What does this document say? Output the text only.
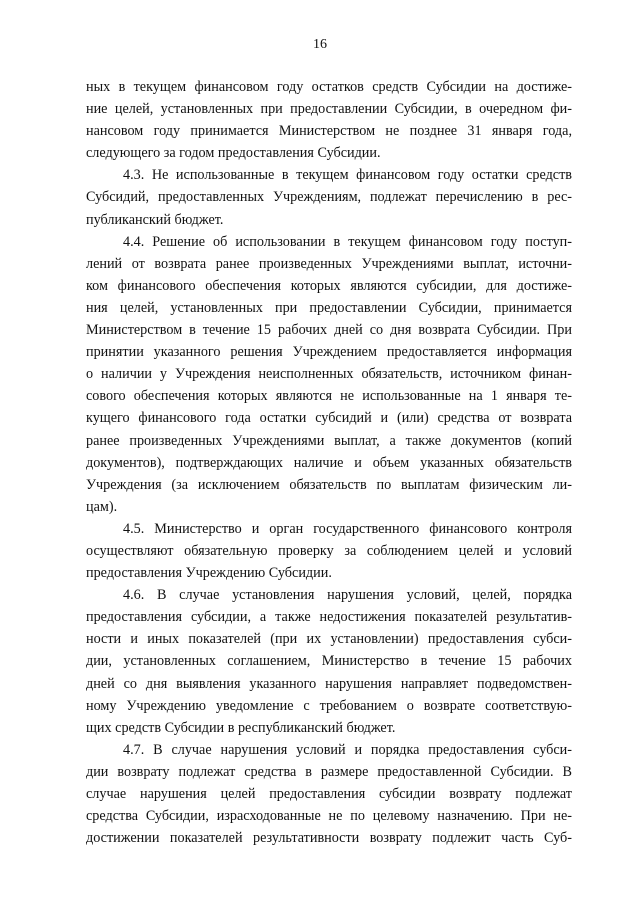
16
ных в текущем финансовом году остатков средств Субсидии на достиже-
ние целей, установленных при предоставлении Субсидии, в очередном фи-
нансовом году принимается Министерством не позднее 31 января года,
следующего за годом предоставления Субсидии.
4.3. Не использованные в текущем финансовом году остатки средств
Субсидий, предоставленных Учреждениям, подлежат перечислению в рес-
публиканский бюджет.
4.4. Решение об использовании в текущем финансовом году поступ-
лений от возврата ранее произведенных Учреждениями выплат, источни-
ком финансового обеспечения которых являются субсидии, для достиже-
ния целей, установленных при предоставлении Субсидии, принимается
Министерством в течение 15 рабочих дней со дня возврата Субсидии. При
принятии указанного решения Учреждением предоставляется информация
о наличии у Учреждения неисполненных обязательств, источником финан-
сового обеспечения которых являются не использованные на 1 января те-
кущего финансового года остатки субсидий и (или) средства от возврата
ранее произведенных Учреждениями выплат, а также документов (копий
документов), подтверждающих наличие и объем указанных обязательств
Учреждения (за исключением обязательств по выплатам физическим ли-
цам).
4.5. Министерство и орган государственного финансового контроля
осуществляют обязательную проверку за соблюдением целей и условий
предоставления Учреждению Субсидии.
4.6. В случае установления нарушения условий, целей, порядка
предоставления субсидии, а также недостижения показателей результатив-
ности и иных показателей (при их установлении) предоставления субси-
дии, установленных соглашением, Министерство в течение 15 рабочих
дней со дня выявления указанного нарушения направляет подведомствен-
ному Учреждению уведомление с требованием о возврате соответствую-
щих средств Субсидии в республиканский бюджет.
4.7. В случае нарушения условий и порядка предоставления субси-
дии возврату подлежат средства в размере предоставленной Субсидии. В
случае нарушения целей предоставления субсидии возврату подлежат
средства Субсидии, израсходованные не по целевому назначению. При не-
достижении показателей результативности возврату подлежит часть Суб-
